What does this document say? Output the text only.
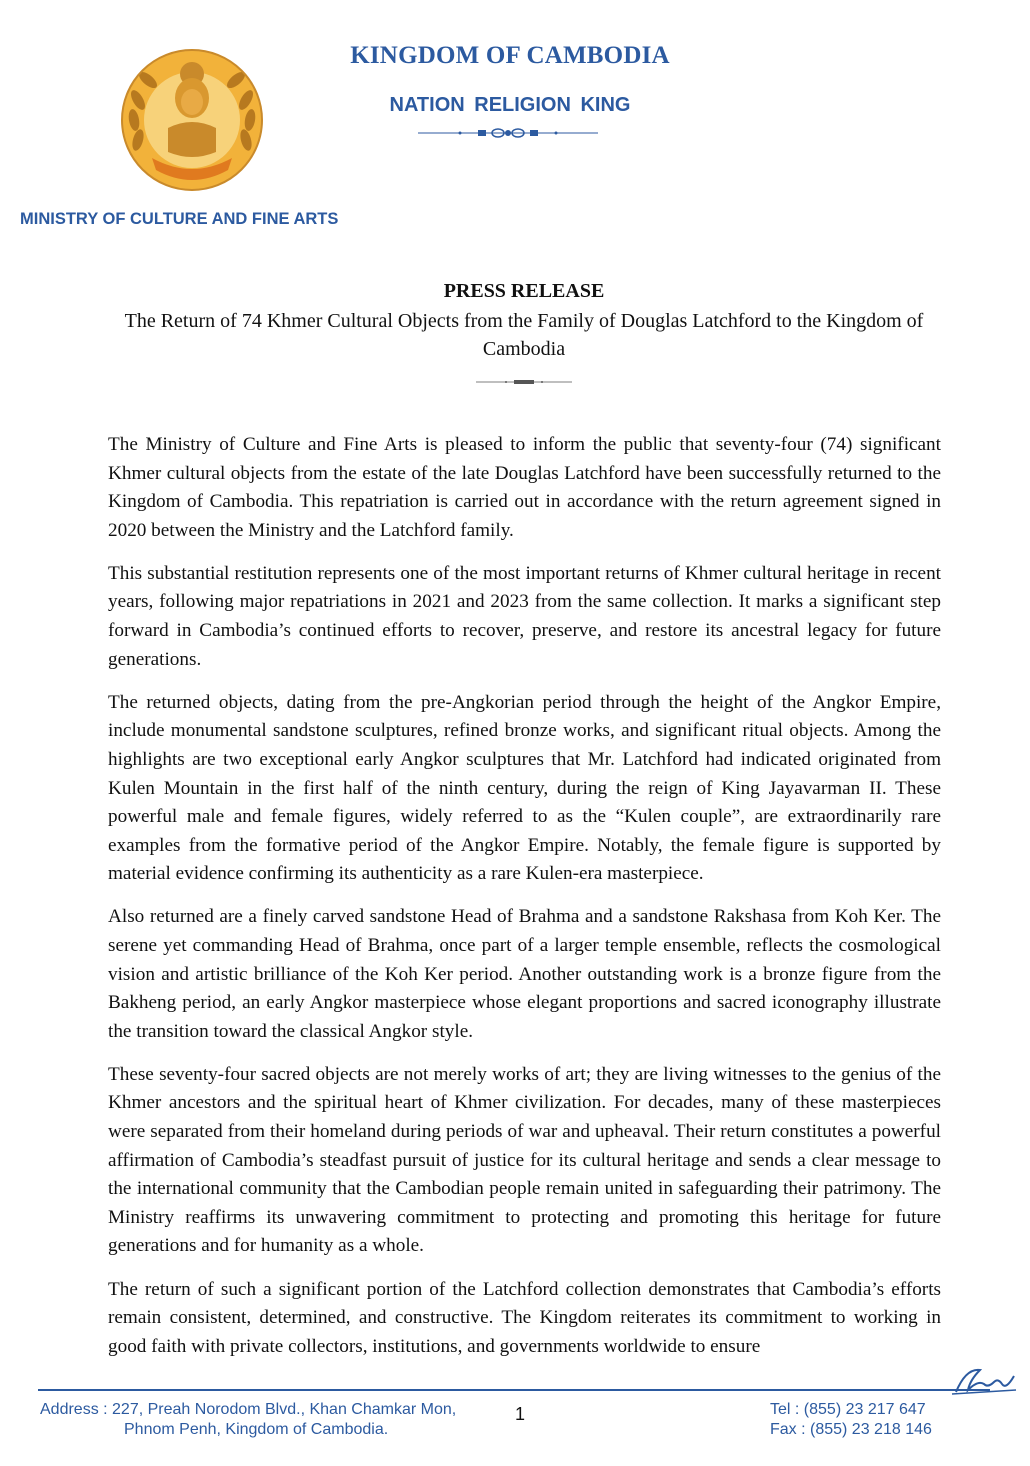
KINGDOM OF CAMBODIA
NATION RELIGION KING
MINISTRY OF CULTURE AND FINE ARTS
PRESS RELEASE
The Return of 74 Khmer Cultural Objects from the Family of Douglas Latchford to the Kingdom of Cambodia

The Ministry of Culture and Fine Arts is pleased to inform the public that seventy-four (74) significant Khmer cultural objects from the estate of the late Douglas Latchford have been successfully returned to the Kingdom of Cambodia. This repatriation is carried out in accordance with the return agreement signed in 2020 between the Ministry and the Latchford family.

This substantial restitution represents one of the most important returns of Khmer cultural heritage in recent years, following major repatriations in 2021 and 2023 from the same collection. It marks a significant step forward in Cambodia’s continued efforts to recover, preserve, and restore its ancestral legacy for future generations.

The returned objects, dating from the pre-Angkorian period through the height of the Angkor Empire, include monumental sandstone sculptures, refined bronze works, and significant ritual objects. Among the highlights are two exceptional early Angkor sculptures that Mr. Latchford had indicated originated from Kulen Mountain in the first half of the ninth century, during the reign of King Jayavarman II. These powerful male and female figures, widely referred to as the “Kulen couple”, are extraordinarily rare examples from the formative period of the Angkor Empire. Notably, the female figure is supported by material evidence confirming its authenticity as a rare Kulen-era masterpiece.

Also returned are a finely carved sandstone Head of Brahma and a sandstone Rakshasa from Koh Ker. The serene yet commanding Head of Brahma, once part of a larger temple ensemble, reflects the cosmological vision and artistic brilliance of the Koh Ker period. Another outstanding work is a bronze figure from the Bakheng period, an early Angkor masterpiece whose elegant proportions and sacred iconography illustrate the transition toward the classical Angkor style.

These seventy-four sacred objects are not merely works of art; they are living witnesses to the genius of the Khmer ancestors and the spiritual heart of Khmer civilization. For decades, many of these masterpieces were separated from their homeland during periods of war and upheaval. Their return constitutes a powerful affirmation of Cambodia’s steadfast pursuit of justice for its cultural heritage and sends a clear message to the international community that the Cambodian people remain united in safeguarding their patrimony. The Ministry reaffirms its unwavering commitment to protecting and promoting this heritage for future generations and for humanity as a whole.

The return of such a significant portion of the Latchford collection demonstrates that Cambodia’s efforts remain consistent, determined, and constructive. The Kingdom reiterates its commitment to working in good faith with private collectors, institutions, and governments worldwide to ensure

Address : 227, Preah Norodom Blvd., Khan Chamkar Mon,
Phnom Penh, Kingdom of Cambodia.
1	Tel : (855) 23 217 647
Fax : (855) 23 218 146
